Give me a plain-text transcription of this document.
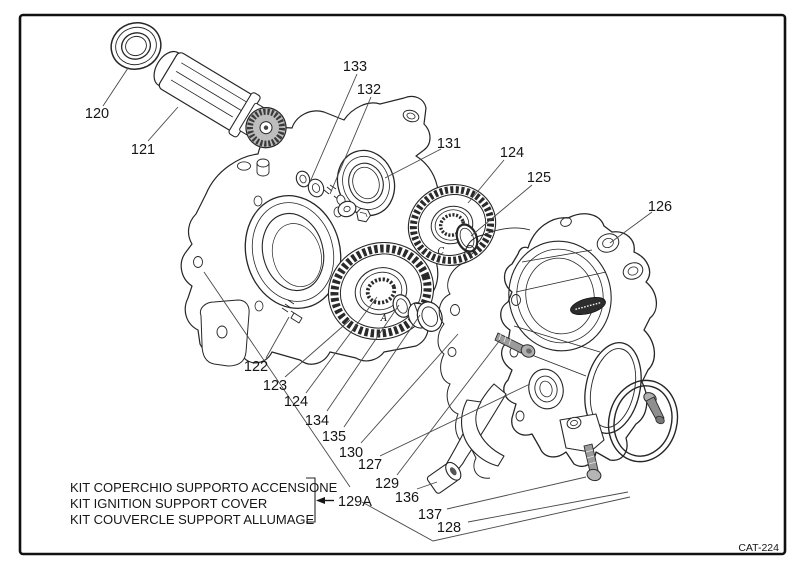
A
C
120
121
133
132
131
124
125
126
122
123
124
134
135
130
127
129
136
137
128
KIT COPERCHIO SUPPORTO ACCENSIONE
KIT IGNITION SUPPORT COVER
KIT COUVERCLE SUPPORT ALLUMAGE
129A
CAT-224
